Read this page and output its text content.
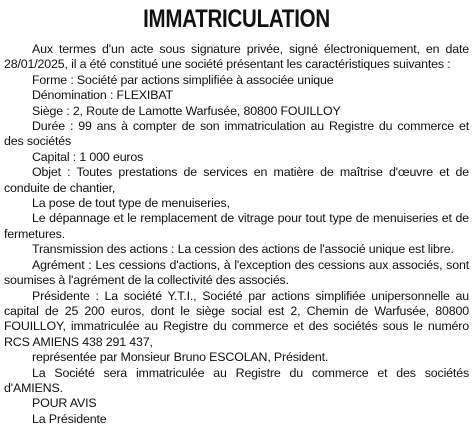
IMMATRICULATION

Aux termes d'un acte sous signature privée, signé électroniquement, en date 28/01/2025, il a été constitué une société présentant les caractéristiques suivantes :

Forme : Société par actions simplifiée à associée unique

Dénomination : FLEXIBAT

Siège : 2, Route de Lamotte Warfusée, 80800 FOUILLOY

Durée : 99 ans à compter de son immatriculation au Registre du commerce et des sociétés

Capital : 1 000 euros

Objet : Toutes prestations de services en matière de maîtrise d'œuvre et de conduite de chantier,

La pose de tout type de menuiseries,

Le dépannage et le remplacement de vitrage pour tout type de menuiseries et de fermetures.

Transmission des actions : La cession des actions de l'associé unique est libre.

Agrément : Les cessions d'actions, à l'exception des cessions aux associés, sont soumises à l'agrément de la collectivité des associés.

Présidente : La société Y.T.I., Société par actions simplifiée unipersonnelle au capital de 25 200 euros, dont le siège social est 2, Chemin de Warfusée, 80800 FOUILLOY, immatriculée au Registre du commerce et des sociétés sous le numéro RCS AMIENS 438 291 437,

représentée par Monsieur Bruno ESCOLAN, Président.

La Société sera immatriculée au Registre du commerce et des sociétés d'AMIENS.

POUR AVIS

La Présidente
